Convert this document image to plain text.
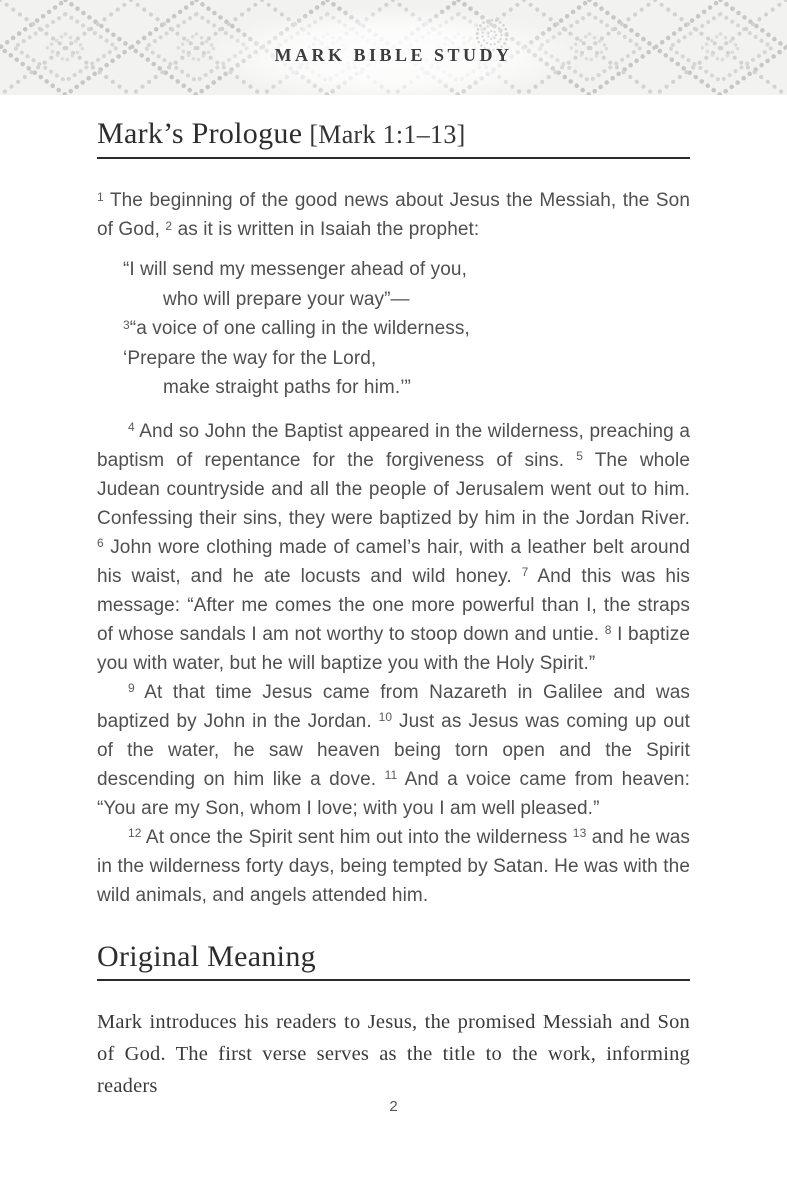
MARK BIBLE STUDY
Mark’s Prologue [Mark 1:1–13]

$^1$ The beginning of the good news about Jesus the Messiah, the Son of God, $^2$ as it is written in Isaiah the prophet:

“I will send my messenger ahead of you,
who will prepare your way”—
$^3$“a voice of one calling in the wilderness,
‘Prepare the way for the Lord,
make straight paths for him.’”

$^4$ And so John the Baptist appeared in the wilderness, preaching a baptism of repentance for the forgiveness of sins. $^5$ The whole Judean countryside and all the people of Jerusalem went out to him. Confessing their sins, they were baptized by him in the Jordan River. $^6$ John wore clothing made of camel’s hair, with a leather belt around his waist, and he ate locusts and wild honey. $^7$ And this was his message: “After me comes the one more powerful than I, the straps of whose sandals I am not worthy to stoop down and untie. $^8$ I baptize you with water, but he will baptize you with the Holy Spirit.”

$^9$ At that time Jesus came from Nazareth in Galilee and was baptized by John in the Jordan. $^{10}$ Just as Jesus was coming up out of the water, he saw heaven being torn open and the Spirit descending on him like a dove. $^{11}$ And a voice came from heaven: “You are my Son, whom I love; with you I am well pleased.”

$^{12}$ At once the Spirit sent him out into the wilderness $^{13}$ and he was in the wilderness forty days, being tempted by Satan. He was with the wild animals, and angels attended him.

Original Meaning

Mark introduces his readers to Jesus, the promised Messiah and Son of God. The first verse serves as the title to the work, informing readers

2
